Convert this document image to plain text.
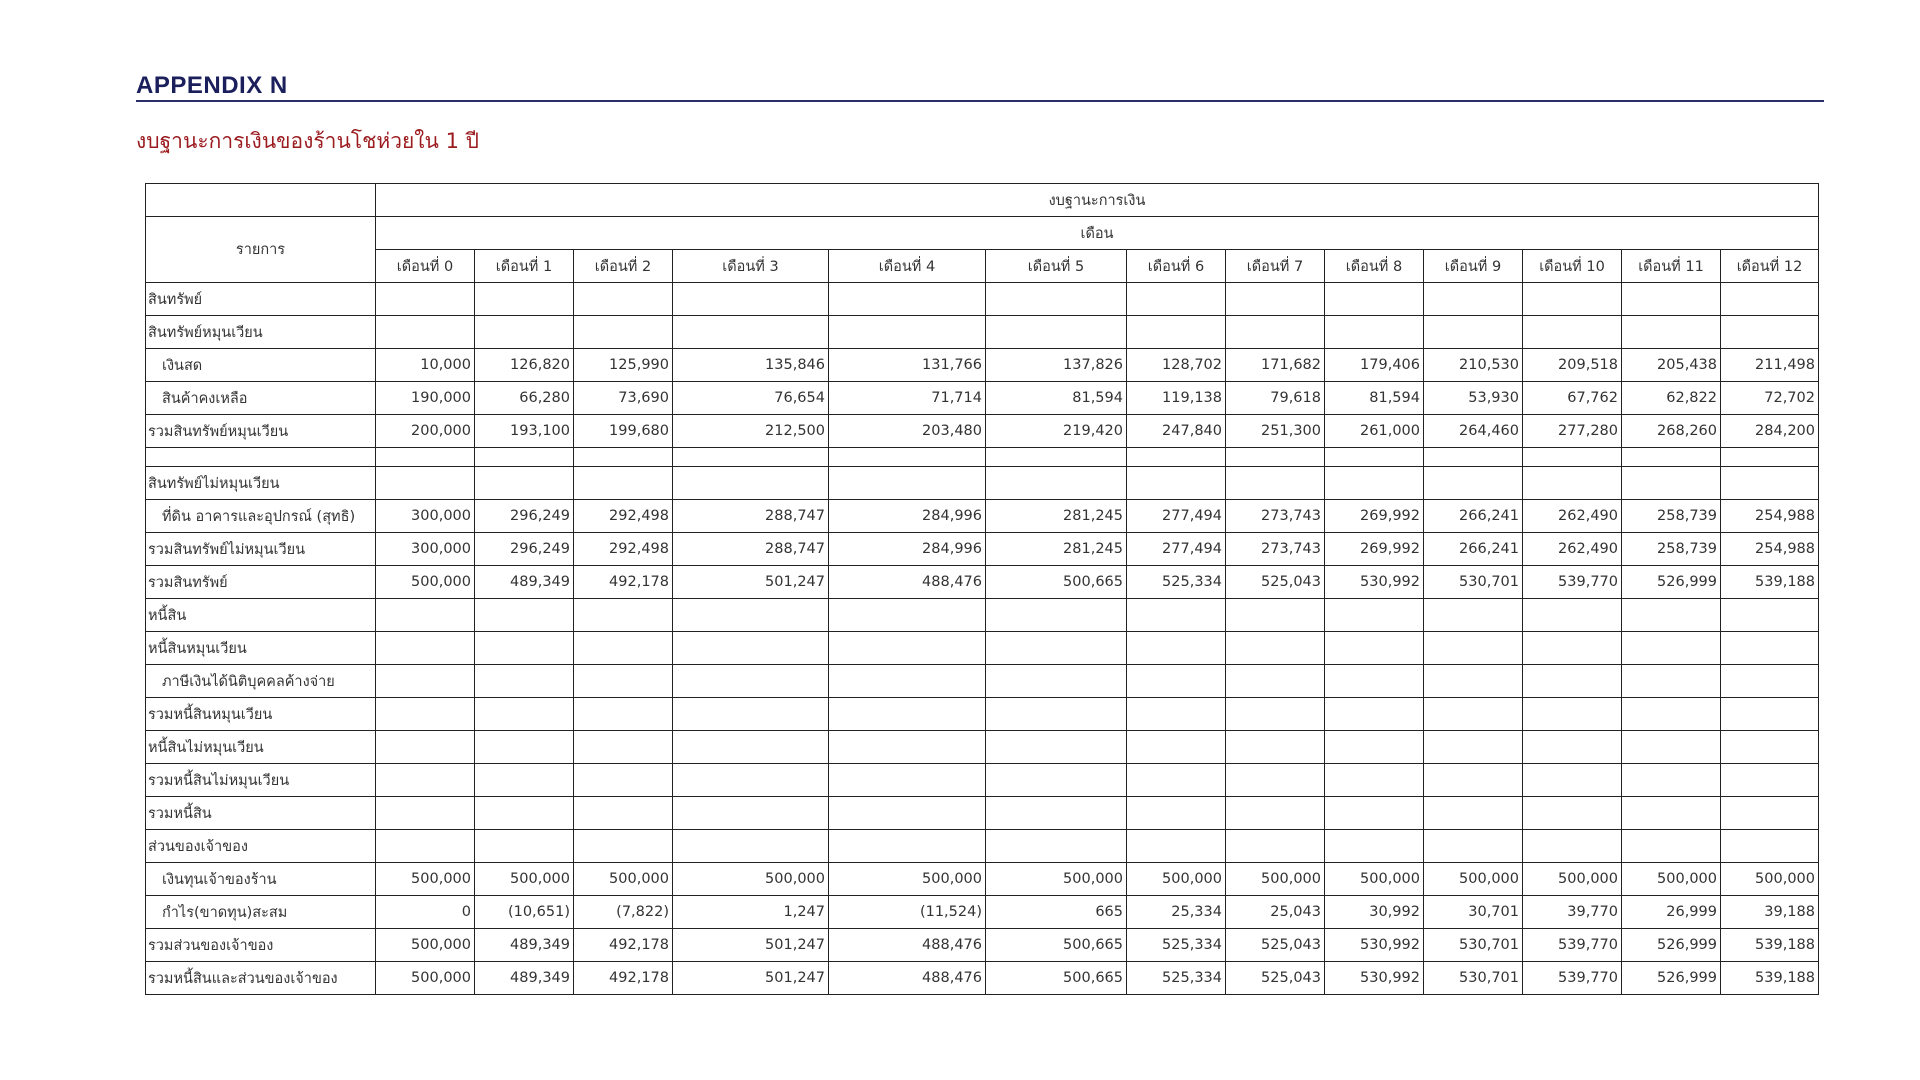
APPENDIX N
งบฐานะการเงินของร้านโชห่วยใน 1 ปี
	งบฐานะการเงิน												
รายการ	เดือน												
	เดือนที่ 0	เดือนที่ 1	เดือนที่ 2	เดือนที่ 3	เดือนที่ 4	เดือนที่ 5	เดือนที่ 6	เดือนที่ 7	เดือนที่ 8	เดือนที่ 9	เดือนที่ 10	เดือนที่ 11	เดือนที่ 12
สินทรัพย์													
สินทรัพย์หมุนเวียน													
เงินสด	10,000	126,820	125,990	135,846	131,766	137,826	128,702	171,682	179,406	210,530	209,518	205,438	211,498
สินค้าคงเหลือ	190,000	66,280	73,690	76,654	71,714	81,594	119,138	79,618	81,594	53,930	67,762	62,822	72,702
รวมสินทรัพย์หมุนเวียน	200,000	193,100	199,680	212,500	203,480	219,420	247,840	251,300	261,000	264,460	277,280	268,260	284,200

สินทรัพย์ไม่หมุนเวียน													
ที่ดิน อาคารและอุปกรณ์ (สุทธิ)	300,000	296,249	292,498	288,747	284,996	281,245	277,494	273,743	269,992	266,241	262,490	258,739	254,988
รวมสินทรัพย์ไม่หมุนเวียน	300,000	296,249	292,498	288,747	284,996	281,245	277,494	273,743	269,992	266,241	262,490	258,739	254,988
รวมสินทรัพย์	500,000	489,349	492,178	501,247	488,476	500,665	525,334	525,043	530,992	530,701	539,770	526,999	539,188
หนี้สิน													
หนี้สินหมุนเวียน													
ภาษีเงินได้นิติบุคคลค้างจ่าย													
รวมหนี้สินหมุนเวียน													
หนี้สินไม่หมุนเวียน													
รวมหนี้สินไม่หมุนเวียน													
รวมหนี้สิน													
ส่วนของเจ้าของ													
เงินทุนเจ้าของร้าน	500,000	500,000	500,000	500,000	500,000	500,000	500,000	500,000	500,000	500,000	500,000	500,000	500,000
กำไร(ขาดทุน)สะสม	0	(10,651)	(7,822)	1,247	(11,524)	665	25,334	25,043	30,992	30,701	39,770	26,999	39,188
รวมส่วนของเจ้าของ	500,000	489,349	492,178	501,247	488,476	500,665	525,334	525,043	530,992	530,701	539,770	526,999	539,188
รวมหนี้สินและส่วนของเจ้าของ	500,000	489,349	492,178	501,247	488,476	500,665	525,334	525,043	530,992	530,701	539,770	526,999	539,188
